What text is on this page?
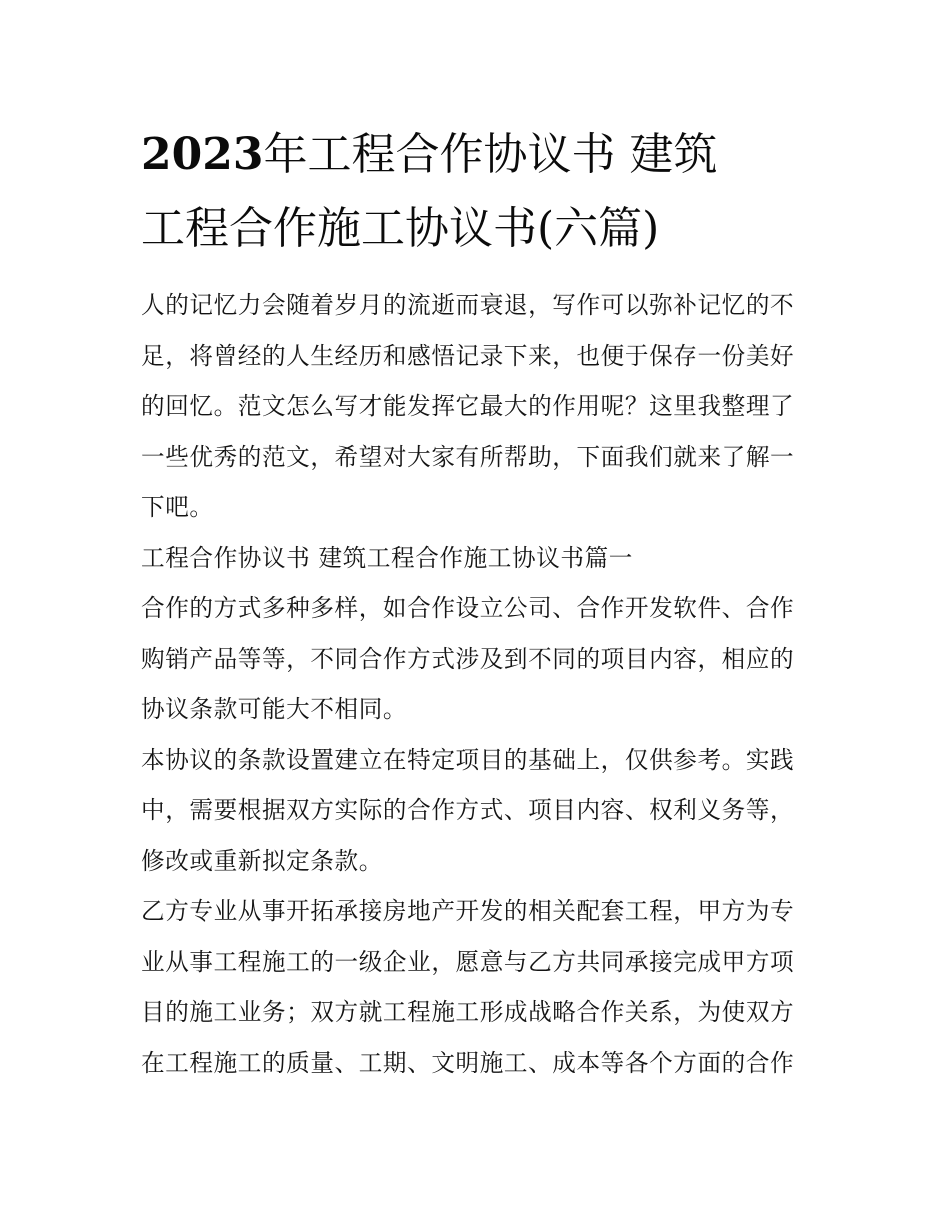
2023年工程合作协议书 建筑
工程合作施工协议书(六篇)
人的记忆力会随着岁月的流逝而衰退，写作可以弥补记忆的不
足，将曾经的人生经历和感悟记录下来，也便于保存一份美好
的回忆。范文怎么写才能发挥它最大的作用呢？这里我整理了
一些优秀的范文，希望对大家有所帮助，下面我们就来了解一
下吧。
工程合作协议书 建筑工程合作施工协议书篇一
合作的方式多种多样，如合作设立公司、合作开发软件、合作
购销产品等等，不同合作方式涉及到不同的项目内容，相应的
协议条款可能大不相同。
本协议的条款设置建立在特定项目的基础上，仅供参考。实践
中，需要根据双方实际的合作方式、项目内容、权利义务等，
修改或重新拟定条款。
乙方专业从事开拓承接房地产开发的相关配套工程，甲方为专
业从事工程施工的一级企业，愿意与乙方共同承接完成甲方项
目的施工业务；双方就工程施工形成战略合作关系，为使双方
在工程施工的质量、工期、文明施工、成本等各个方面的合作
